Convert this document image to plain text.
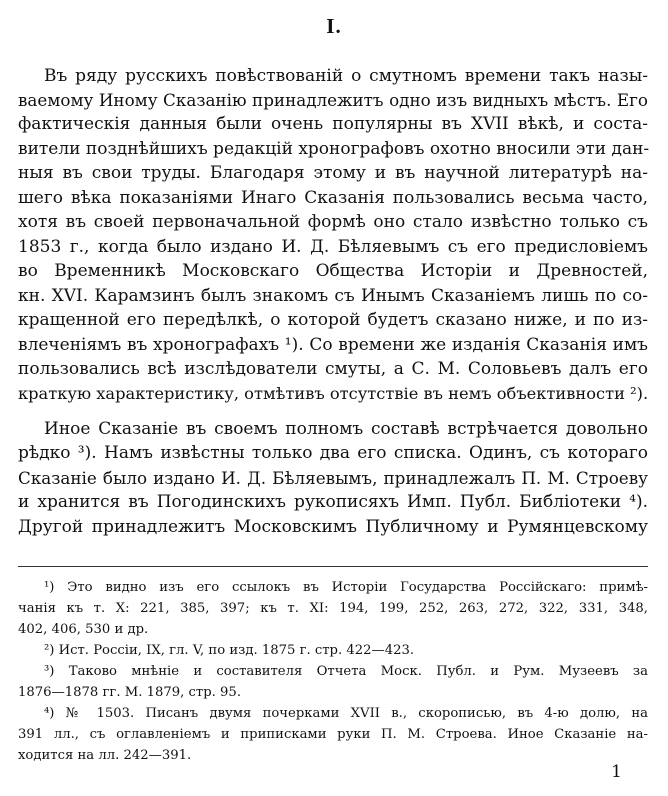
I.
Въ ряду русскихъ повѣствованій о смутномъ времени такъ назы-
ваемому Иному Сказанію принадлежитъ одно изъ видныхъ мѣстъ. Его
фактическія данныя были очень популярны въ XVII вѣкѣ, и состa-
вители позднѣйшихъ редакцій хронографовъ охотно вносили эти дан-
ныя въ свои труды. Благодаря этому и въ научной литературѣ на-
шего вѣка показаніями Инаго Сказанія пользовались весьма часто,
хотя въ своей первоначальной формѣ оно стало извѣстно только съ
1853 г., когда было издано И. Д. Бѣляевымъ съ его предисловіемъ
во Временникѣ Московскаго Общества Исторіи и Древностей,
кн. XVI. Карамзинъ былъ знакомъ съ Инымъ Сказаніемъ лишь по со-
кращенной его передѣлкѣ, о которой будетъ сказано ниже, и по из-
влеченіямъ въ хронографахъ ¹). Со времени же изданія Сказанія имъ
пользовались всѣ изслѣдователи смуты, а С. М. Соловьевъ далъ его
краткую характеристику, отмѣтивъ отсутствіе въ немъ объективности ²).
Иное Сказаніе въ своемъ полномъ составѣ встрѣчается довольно
рѣдко ³). Намъ извѣстны только два его списка. Одинъ, съ котораго
Сказаніе было издано И. Д. Бѣляевымъ, принадлежалъ П. М. Строеву
и хранится въ Погодинскихъ рукописяхъ Имп. Публ. Библіотеки ⁴).
Другой принадлежитъ Московскимъ Публичному и Румянцевскому
¹) Это видно изъ его ссылокъ въ Исторіи Государства Россійскаго: примѣ-
чанія къ т. X: 221, 385, 397; къ т. XI: 194, 199, 252, 263, 272, 322, 331, 348,
402, 406, 530 и др.
²) Ист. Россіи, IX, гл. V, по изд. 1875 г. стр. 422—423.
³) Таково мнѣніе и составителя Отчета Моск. Публ. и Рум. Музеевъ за
1876—1878 гг. М. 1879, стр. 95.
⁴) № 1503. Писанъ двумя почерками XVII в., скорописью, въ 4-ю долю, на
391 лл., съ оглавленіемъ и приписками руки П. М. Строева. Иное Сказаніе на-
ходится на лл. 242—391.
1
